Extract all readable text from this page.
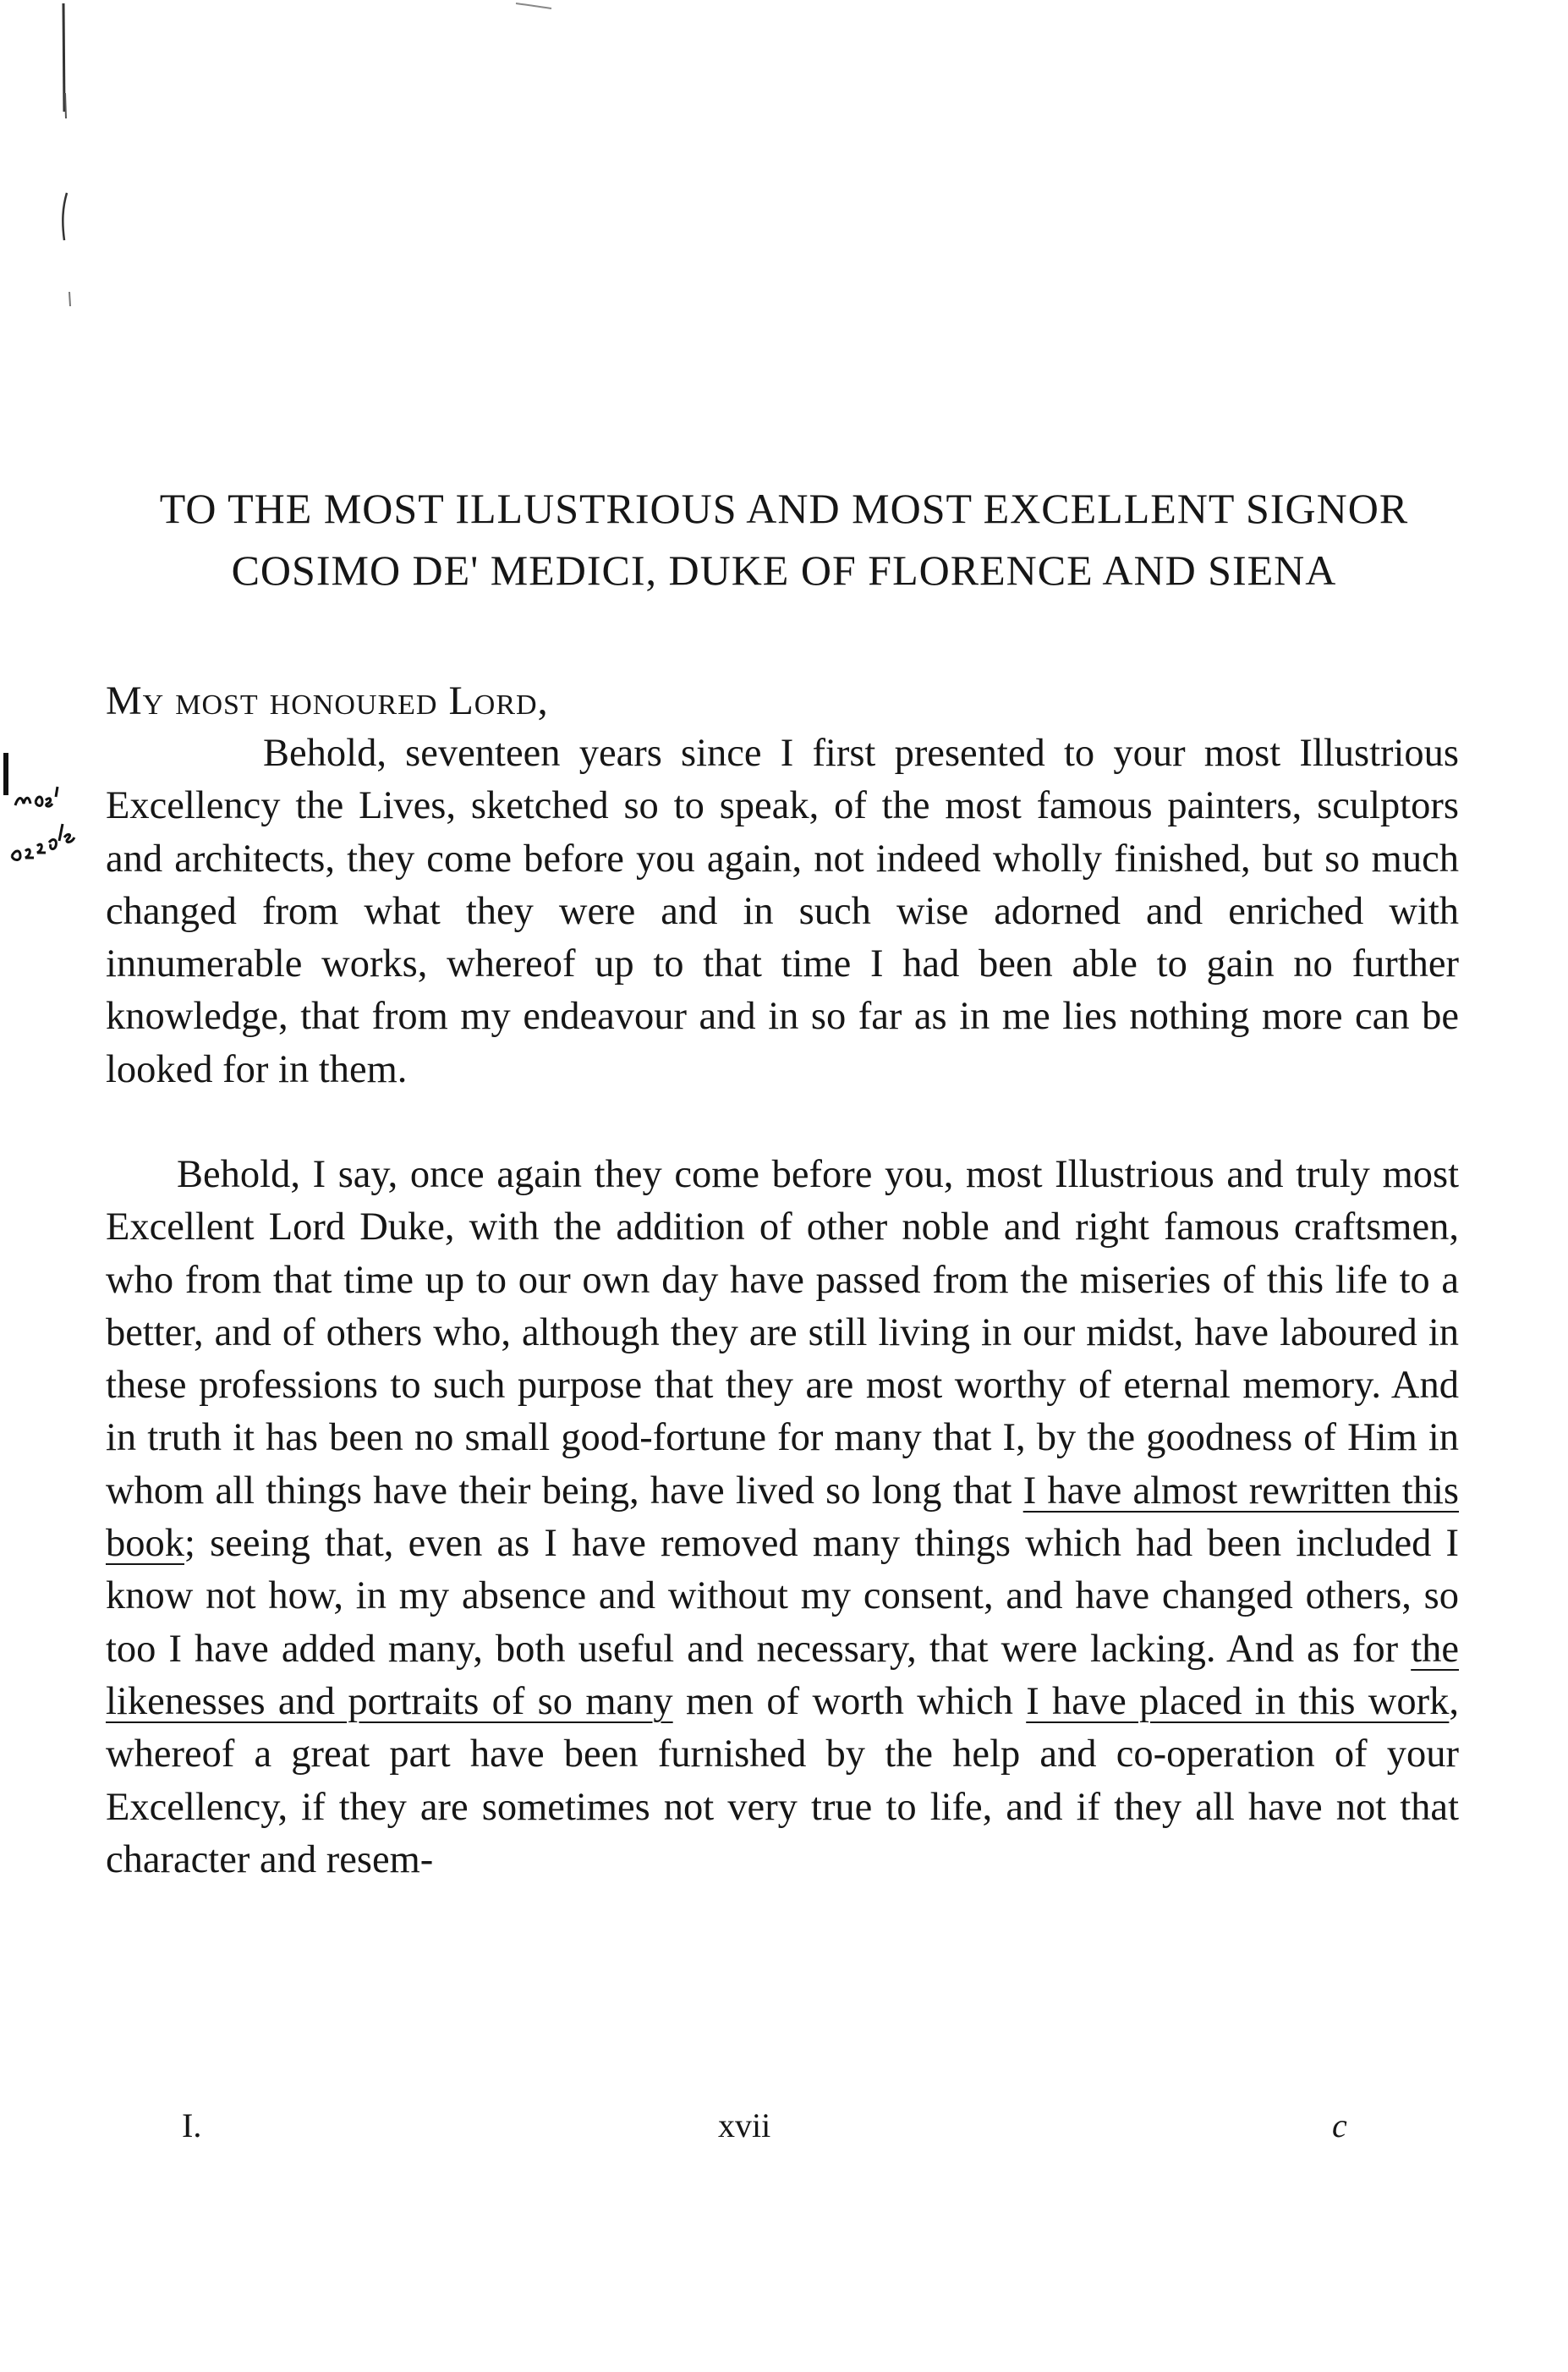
TO THE MOST ILLUSTRIOUS AND MOST EXCELLENT SIGNOR
COSIMO DE' MEDICI, DUKE OF FLORENCE AND SIENA
My most honoured Lord,

Behold, seventeen years since I first presented to your most Illustrious Excellency the Lives, sketched so to speak, of the most famous painters, sculptors and architects, they come before you again, not indeed wholly finished, but so much changed from what they were and in such wise adorned and enriched with innumerable works, whereof up to that time I had been able to gain no further knowledge, that from my endeavour and in so far as in me lies nothing more can be looked for in them.

Behold, I say, once again they come before you, most Illustrious and truly most Excellent Lord Duke, with the addition of other noble and right famous craftsmen, who from that time up to our own day have passed from the miseries of this life to a better, and of others who, although they are still living in our midst, have laboured in these professions to such purpose that they are most worthy of eternal memory. And in truth it has been no small good-fortune for many that I, by the goodness of Him in whom all things have their being, have lived so long that I have almost rewritten this book; seeing that, even as I have removed many things which had been included I know not how, in my absence and without my consent, and have changed others, so too I have added many, both useful and necessary, that were lacking. And as for the likenesses and portraits of so many men of worth which I have placed in this work, whereof a great part have been furnished by the help and co-operation of your Excellency, if they are sometimes not very true to life, and if they all have not that character and resem-

I.	xvii	c
